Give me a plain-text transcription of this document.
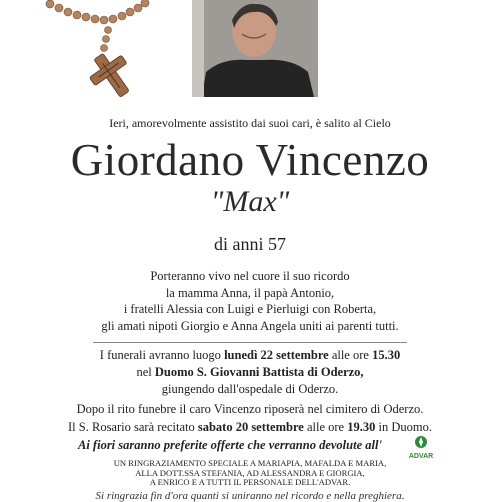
Ieri, amorevolmente assistito dai suoi cari, è salito al Cielo
Giordano Vincenzo
"Max"
di anni 57
Porteranno vivo nel cuore il suo ricordo
la mamma Anna, il papà Antonio,
i fratelli Alessia con Luigi e Pierluigi con Roberta,
gli amati nipoti Giorgio e Anna Angela uniti ai parenti tutti.
I funerali avranno luogo lunedì 22 settembre alle ore 15.30
nel Duomo S. Giovanni Battista di Oderzo,
giungendo dall'ospedale di Oderzo.
Dopo il rito funebre il caro Vincenzo riposerà nel cimitero di Oderzo.
Il S. Rosario sarà recitato sabato 20 settembre alle ore 19.30 in Duomo.
Ai fiori saranno preferite offerte che verranno devolute all'
ADVAR
UN RINGRAZIAMENTO SPECIALE A MARIAPIA, MAFALDA E MARIA,
ALLA DOTT.SSA STEFANIA, AD ALESSANDRA E GIORGIA,
A ENRICO E A TUTTI IL PERSONALE DELL'ADVAR.
Si ringrazia fin d'ora quanti si uniranno nel ricordo e nella preghiera.
